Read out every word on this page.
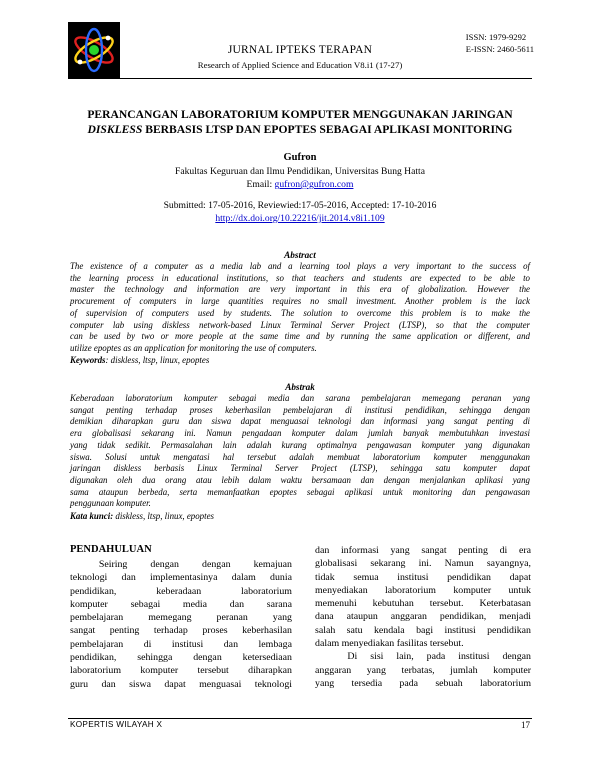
ISSN: 1979-9292
E-ISSN: 2460-5611
JURNAL IPTEKS TERAPAN
Research of Applied Science and Education V8.i1 (17-27)
PERANCANGAN LABORATORIUM KOMPUTER MENGGUNAKAN JARINGAN
DISKLESS BERBASIS LTSP DAN EPOPTES SEBAGAI APLIKASI MONITORING
Gufron
Fakultas Keguruan dan Ilmu Pendidikan, Universitas Bung Hatta
Email: gufron@gufron.com
Submitted: 17-05-2016, Reviewied:17-05-2016, Accepted: 17-10-2016
http://dx.doi.org/10.22216/jit.2014.v8i1.109
Abstract
The existence of a computer as a media lab and a learning tool plays a very important to the success of
the learning process in educational institutions, so that teachers and students are expected to be able to
master the technology and information are very important in this era of globalization. However the
procurement of computers in large quantities requires no small investment. Another problem is the lack
of supervision of computers used by students. The solution to overcome this problem is to make the
computer lab using diskless network-based Linux Terminal Server Project (LTSP), so that the computer
can be used by two or more people at the same time and by running the same application or different, and
utilize epoptes as an application for monitoring the use of computers.
Keywords: diskless, ltsp, linux, epoptes
Abstrak
Keberadaan laboratorium komputer sebagai media dan sarana pembelajaran memegang peranan yang
sangat penting terhadap proses keberhasilan pembelajaran di institusi pendidikan, sehingga dengan
demikian diharapkan guru dan siswa dapat menguasai teknologi dan informasi yang sangat penting di
era globalisasi sekarang ini. Namun pengadaan komputer dalam jumlah banyak membutuhkan investasi
yang tidak sedikit. Permasalahan lain adalah kurang optimalnya pengawasan komputer yang digunakan
siswa. Solusi untuk mengatasi hal tersebut adalah membuat laboratorium komputer menggunakan
jaringan diskless berbasis Linux Terminal Server Project (LTSP), sehingga satu komputer dapat
digunakan oleh dua orang atau lebih dalam waktu bersamaan dan dengan menjalankan aplikasi yang
sama ataupun berbeda, serta memanfaatkan epoptes sebagai aplikasi untuk monitoring dan pengawasan
penggunaan komputer.
Kata kunci: diskless, ltsp, linux, epoptes
PENDAHULUAN
Seiring    dengan    dengan    kemajuan
teknologi dan implementasinya dalam dunia
pendidikan, keberadaan laboratorium
komputer sebagai media dan sarana
pembelajaran memegang peranan yang
sangat penting terhadap proses keberhasilan
pembelajaran di institusi dan lembaga
pendidikan, sehingga dengan ketersediaan
laboratorium komputer tersebut diharapkan
guru dan siswa dapat menguasai teknologi
dan informasi yang sangat penting di era
globalisasi sekarang ini. Namun sayangnya,
tidak semua institusi pendidikan dapat
menyediakan laboratorium komputer untuk
memenuhi kebutuhan tersebut. Keterbatasan
dana ataupun anggaran pendidikan, menjadi
salah satu kendala bagi institusi pendidikan
dalam menyediakan fasilitas tersebut.
Di  sisi  lain,  pada  institusi  dengan
anggaran yang terbatas, jumlah komputer
yang tersedia pada sebuah laboratorium
KOPERTIS WILAYAH X	17
